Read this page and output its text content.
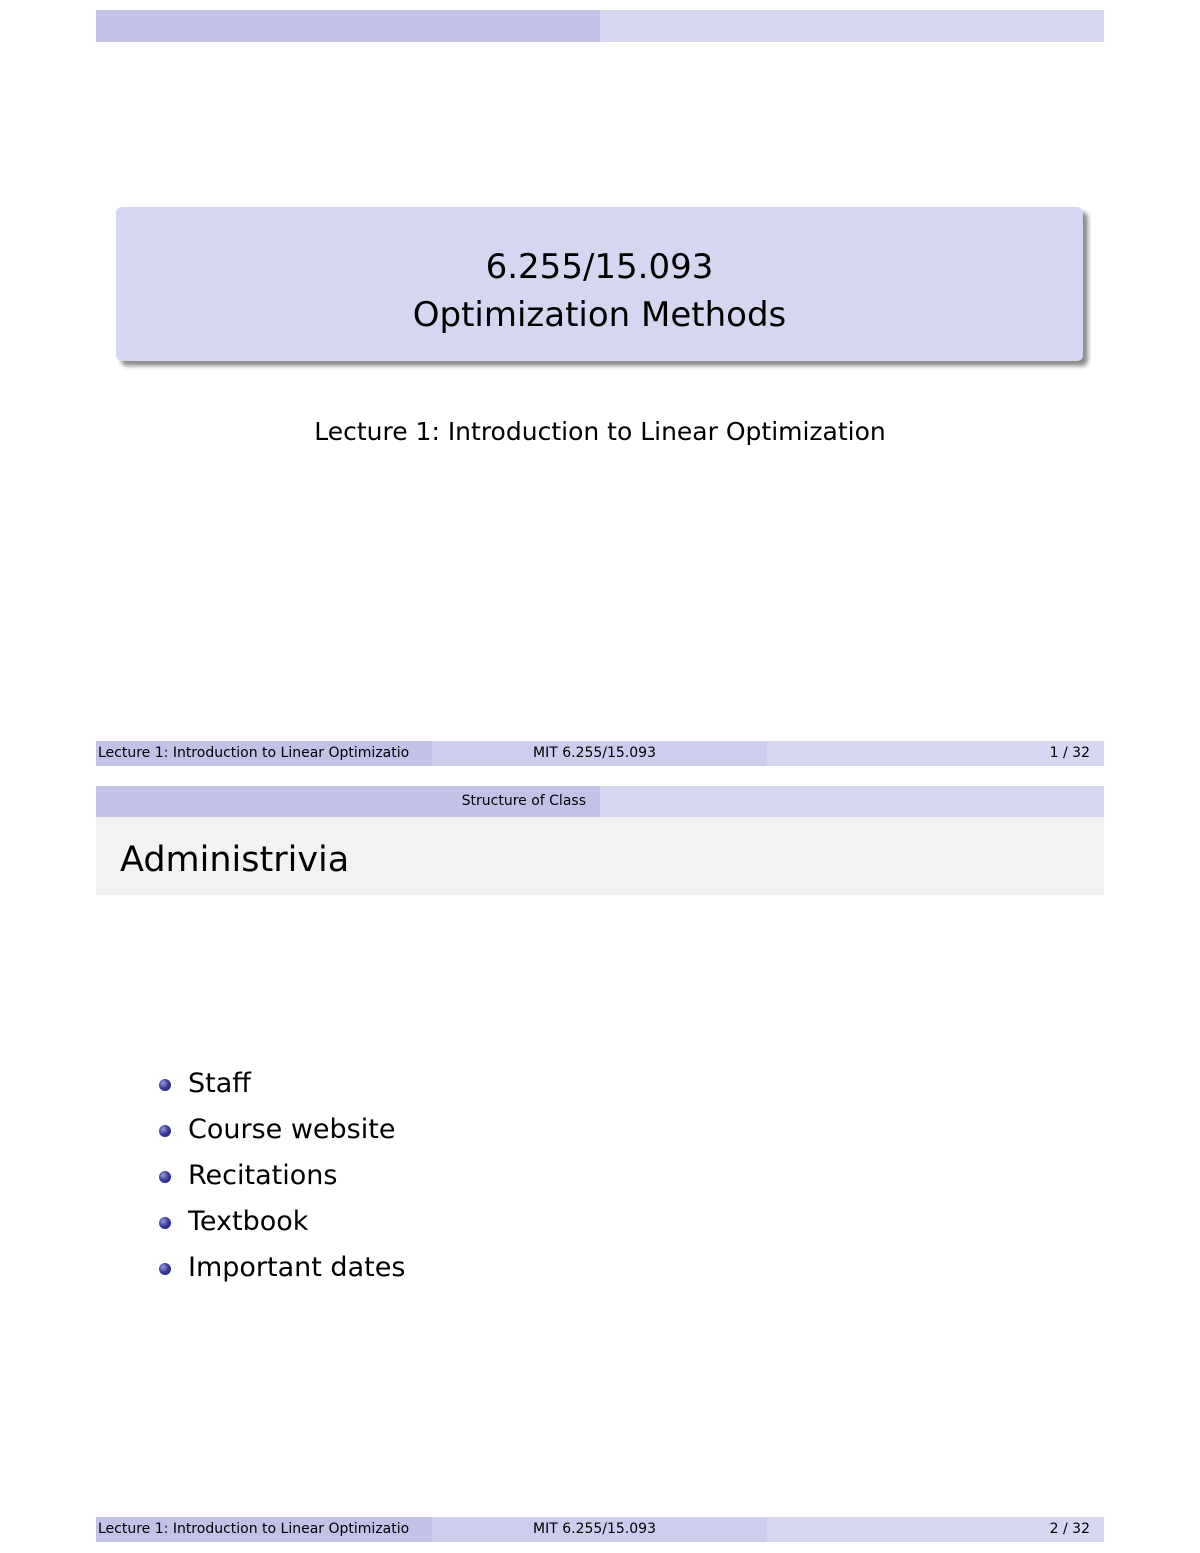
6.255/15.093
Optimization Methods
Lecture 1: Introduction to Linear Optimization
Lecture 1: Introduction to Linear Optimizatio	MIT 6.255/15.093	1 / 32
Structure of Class
Administrivia
Staff
Course website
Recitations
Textbook
Important dates
Lecture 1: Introduction to Linear Optimizatio	MIT 6.255/15.093	2 / 32
